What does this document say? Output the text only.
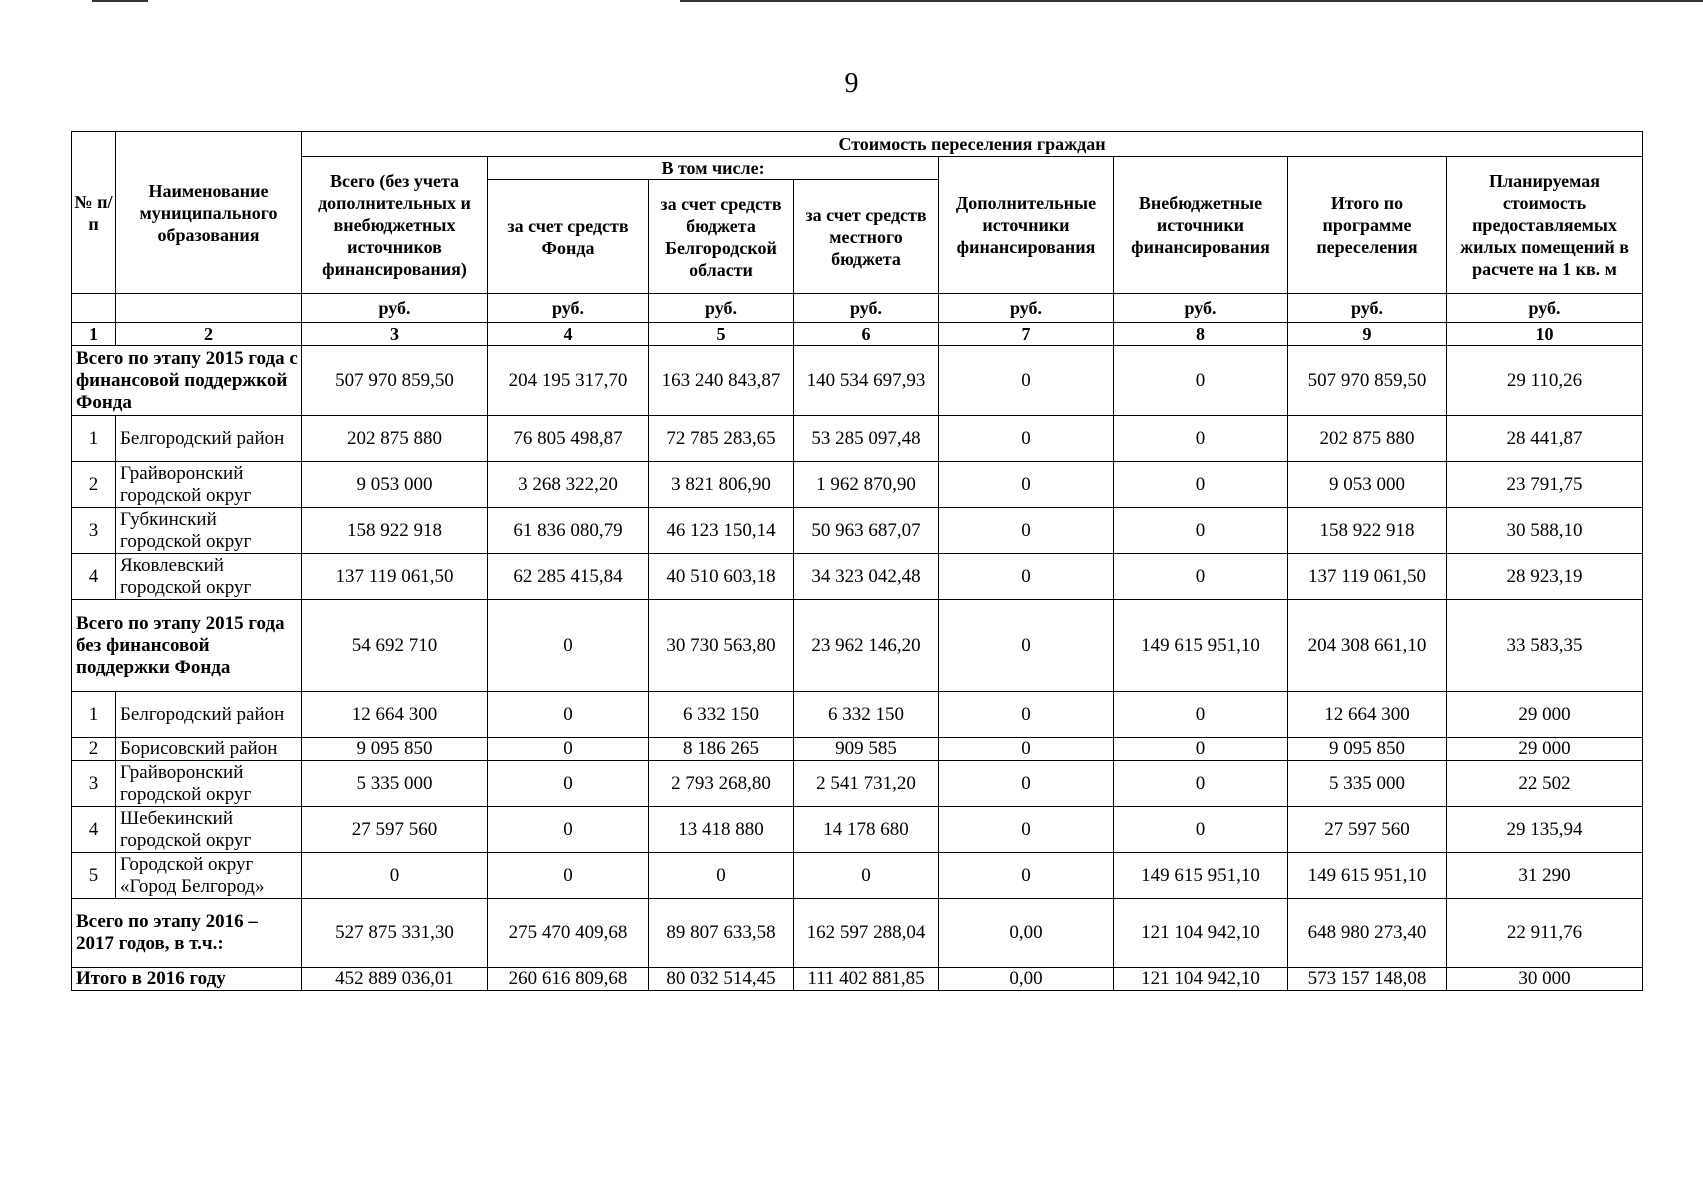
9
№ п/п	Наименование муниципального образования	Стоимость переселения граждан							
		Всего (без учета дополнительных и внебюджетных источников финансирования)	В том числе:			Дополнительные источники финансирования	Внебюджетные источники финансирования	Итого по программе переселения	Планируемая стоимость предоставляемых жилых помещений в расчете на 1 кв. м
			за счет средств Фонда	за счет средств бюджета Белгородской области	за счет средств местного бюджета				
		руб.	руб.	руб.	руб.	руб.	руб.	руб.	руб.
1	2	3	4	5	6	7	8	9	10
Всего по этапу 2015 года с финансовой поддержкой Фонда		507 970 859,50	204 195 317,70	163 240 843,87	140 534 697,93	0	0	507 970 859,50	29 110,26
1	Белгородский район	202 875 880	76 805 498,87	72 785 283,65	53 285 097,48	0	0	202 875 880	28 441,87
2	Грайворонский городской округ	9 053 000	3 268 322,20	3 821 806,90	1 962 870,90	0	0	9 053 000	23 791,75
3	Губкинский городской округ	158 922 918	61 836 080,79	46 123 150,14	50 963 687,07	0	0	158 922 918	30 588,10
4	Яковлевский городской округ	137 119 061,50	62 285 415,84	40 510 603,18	34 323 042,48	0	0	137 119 061,50	28 923,19
Всего по этапу 2015 года без финансовой поддержки Фонда		54 692 710	0	30 730 563,80	23 962 146,20	0	149 615 951,10	204 308 661,10	33 583,35
1	Белгородский район	12 664 300	0	6 332 150	6 332 150	0	0	12 664 300	29 000
2	Борисовский район	9 095 850	0	8 186 265	909 585	0	0	9 095 850	29 000
3	Грайворонский городской округ	5 335 000	0	2 793 268,80	2 541 731,20	0	0	5 335 000	22 502
4	Шебекинский городской округ	27 597 560	0	13 418 880	14 178 680	0	0	27 597 560	29 135,94
5	Городской округ «Город Белгород»	0	0	0	0	0	149 615 951,10	149 615 951,10	31 290
Всего по этапу 2016 – 2017 годов, в т.ч.:		527 875 331,30	275 470 409,68	89 807 633,58	162 597 288,04	0,00	121 104 942,10	648 980 273,40	22 911,76
Итого в 2016 году		452 889 036,01	260 616 809,68	80 032 514,45	111 402 881,85	0,00	121 104 942,10	573 157 148,08	30 000
